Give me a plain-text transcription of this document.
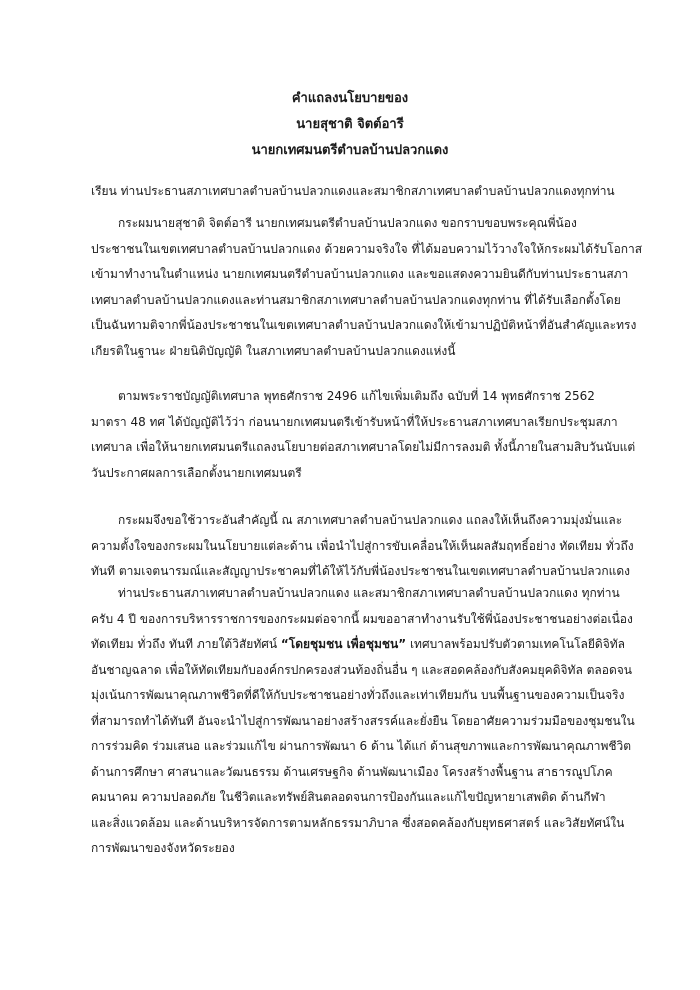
คำแถลงนโยบายของ
นายสุชาติ จิตต์อารี
นายกเทศมนตรีตำบลบ้านปลวกแดง
เรียน ท่านประธานสภาเทศบาลตำบลบ้านปลวกแดงและสมาชิกสภาเทศบาลตำบลบ้านปลวกแดงทุกท่าน
กระผมนายสุชาติ จิตต์อารี นายกเทศมนตรีตำบลบ้านปลวกแดง ขอกราบขอบพระคุณพี่น้อง
ประชาชนในเขตเทศบาลตำบลบ้านปลวกแดง ด้วยความจริงใจ ที่ได้มอบความไว้วางใจให้กระผมได้รับโอกาส
เข้ามาทำงานในตำแหน่ง นายกเทศมนตรีตำบลบ้านปลวกแดง และขอแสดงความยินดีกับท่านประธานสภา
เทศบาลตำบลบ้านปลวกแดงและท่านสมาชิกสภาเทศบาลตำบลบ้านปลวกแดงทุกท่าน ที่ได้รับเลือกตั้งโดย
เป็นฉันทามติจากพี่น้องประชาชนในเขตเทศบาลตำบลบ้านปลวกแดงให้เข้ามาปฏิบัติหน้าที่อันสำคัญและทรง
เกียรติในฐานะ ฝ่ายนิติบัญญัติ ในสภาเทศบาลตำบลบ้านปลวกแดงแห่งนี้
ตามพระราชบัญญัติเทศบาล พุทธศักราช 2496 แก้ไขเพิ่มเติมถึง ฉบับที่ 14 พุทธศักราช 2562
มาตรา 48 ทศ ได้บัญญัติไว้ว่า ก่อนนายกเทศมนตรีเข้ารับหน้าที่ให้ประธานสภาเทศบาลเรียกประชุมสภา
เทศบาล เพื่อให้นายกเทศมนตรีแถลงนโยบายต่อสภาเทศบาลโดยไม่มีการลงมติ ทั้งนี้ภายในสามสิบวันนับแต่
วันประกาศผลการเลือกตั้งนายกเทศมนตรี
กระผมจึงขอใช้วาระอันสำคัญนี้ ณ สภาเทศบาลตำบลบ้านปลวกแดง แถลงให้เห็นถึงความมุ่งมั่นและ
ความตั้งใจของกระผมในนโยบายแต่ละด้าน เพื่อนำไปสู่การขับเคลื่อนให้เห็นผลสัมฤทธิ์อย่าง ทัดเทียม ทั่วถึง
ทันที ตามเจตนารมณ์และสัญญาประชาคมที่ได้ให้ไว้กับพี่น้องประชาชนในเขตเทศบาลตำบลบ้านปลวกแดง
ท่านประธานสภาเทศบาลตำบลบ้านปลวกแดง และสมาชิกสภาเทศบาลตำบลบ้านปลวกแดง ทุกท่าน
ครับ 4 ปี ของการบริหารราชการของกระผมต่อจากนี้ ผมขออาสาทำงานรับใช้พี่น้องประชาชนอย่างต่อเนื่อง
ทัดเทียม ทั่วถึง ทันที ภายใต้วิสัยทัศน์ “โดยชุมชน เพื่อชุมชน” เทศบาลพร้อมปรับตัวตามเทคโนโลยีดิจิทัล
อันชาญฉลาด เพื่อให้ทัดเทียมกับองค์กรปกครองส่วนท้องถิ่นอื่น ๆ และสอดคล้องกับสังคมยุคดิจิทัล ตลอดจน
มุ่งเน้นการพัฒนาคุณภาพชีวิตที่ดีให้กับประชาชนอย่างทั่วถึงและเท่าเทียมกัน บนพื้นฐานของความเป็นจริง
ที่สามารถทำได้ทันที อันจะนำไปสู่การพัฒนาอย่างสร้างสรรค์และยั่งยืน โดยอาศัยความร่วมมือของชุมชนใน
การร่วมคิด ร่วมเสนอ และร่วมแก้ไข ผ่านการพัฒนา 6 ด้าน ได้แก่ ด้านสุขภาพและการพัฒนาคุณภาพชีวิต
ด้านการศึกษา ศาสนาและวัฒนธรรม ด้านเศรษฐกิจ ด้านพัฒนาเมือง โครงสร้างพื้นฐาน สาธารณูปโภค
คมนาคม ความปลอดภัย ในชีวิตและทรัพย์สินตลอดจนการป้องกันและแก้ไขปัญหายาเสพติด ด้านกีฬา
และสิ่งแวดล้อม และด้านบริหารจัดการตามหลักธรรมาภิบาล ซึ่งสอดคล้องกับยุทธศาสตร์ และวิสัยทัศน์ใน
การพัฒนาของจังหวัดระยอง
